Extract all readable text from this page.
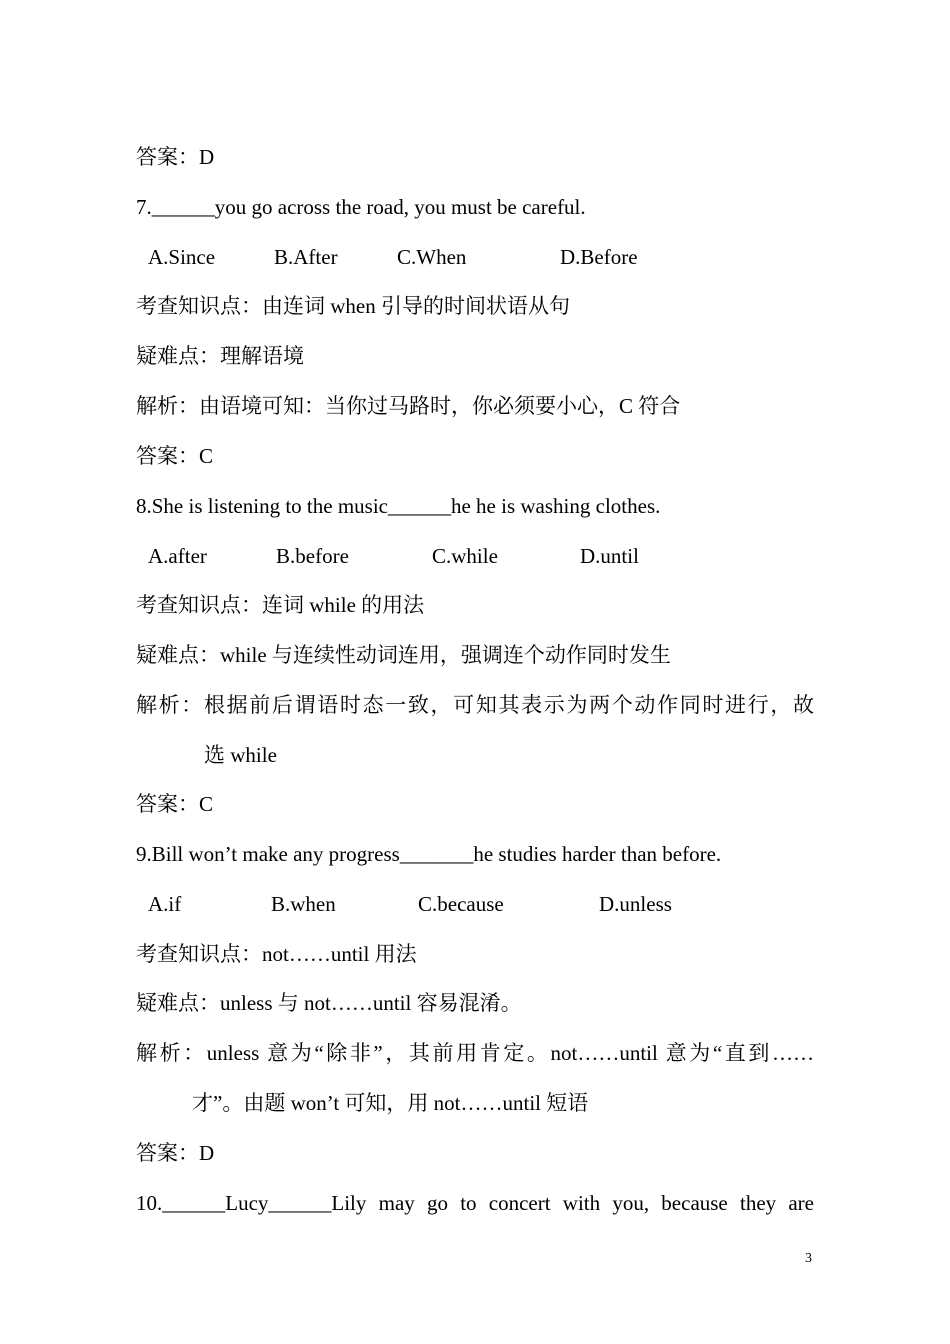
答案：D
7.______you go across the road, you must be careful.
A.Since	B.After	C.When	D.Before
考查知识点：由连词 when 引导的时间状语从句
疑难点：理解语境
解析：由语境可知：当你过马路时，你必须要小心，C 符合
答案：C
8.She is listening to the music______he he is washing clothes.
A.after	B.before	C.while	D.until
考查知识点：连词 while 的用法
疑难点：while 与连续性动词连用，强调连个动作同时发生
解析：根据前后谓语时态一致，可知其表示为两个动作同时进行，故
选 while
答案：C
9.Bill won’t make any progress_______he studies harder than before.
A.if	B.when	C.because	D.unless
考查知识点：not……until 用法
疑难点：unless 与 not……until 容易混淆。
解析：unless 意为“除非”，其前用肯定。not……until 意为“直到……
才”。由题 won’t 可知，用 not……until 短语
答案：D
10.______Lucy______Lily may go to concert with you, because they are
3
